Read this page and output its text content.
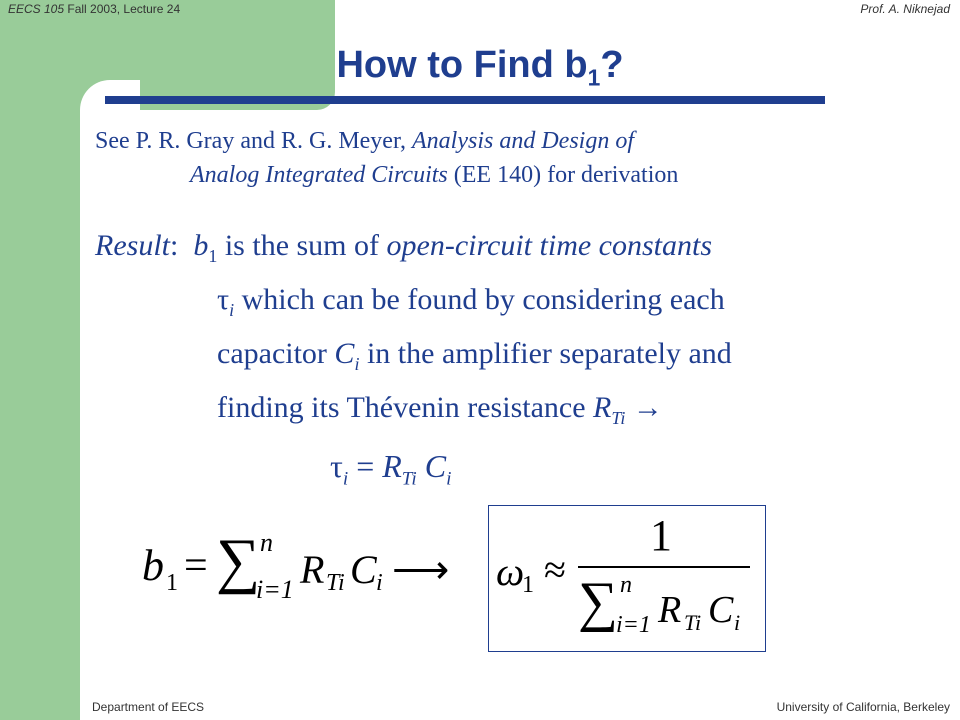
EECS 105 Fall 2003, Lecture 24	Prof. A. Niknejad
How to Find $b_1$?
See P. R. Gray and R. G. Meyer, Analysis and Design of
Analog Integrated Circuits (EE 140) for derivation
Result:  $b_1$ is the sum of open-circuit time constants
$\tau_i$ which can be found by considering each
capacitor $C_i$ in the amplifier separately and
finding its Thévenin resistance $R_{Ti}$ →
$\tau_i = R_{Ti}$ $C_i$
b 1 = ∑ n
i=1 R Ti C i ⟶ ω
1 ≈
1
∑ n
i=1 R Ti C i
Department of EECS	University of California, Berkeley
